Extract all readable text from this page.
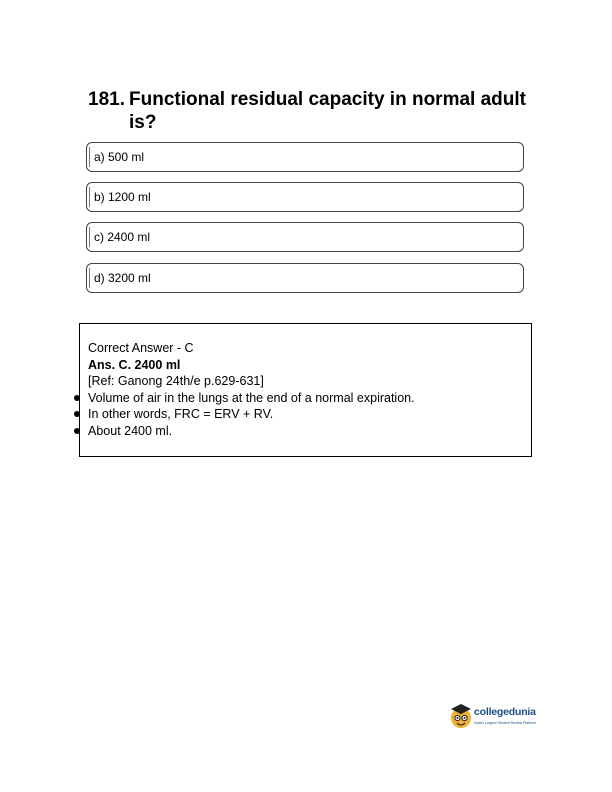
181. Functional residual capacity in normal adult is?
a) 500 ml
b) 1200 ml
c) 2400 ml
d) 3200 ml
Correct Answer - C
Ans. C. 2400 ml
[Ref: Ganong 24th/e p.629-631]
Volume of air in the lungs at the end of a normal expiration.
In other words, FRC = ERV + RV.
About 2400 ml.
collegedunia
India's Largest Student Review Platform
